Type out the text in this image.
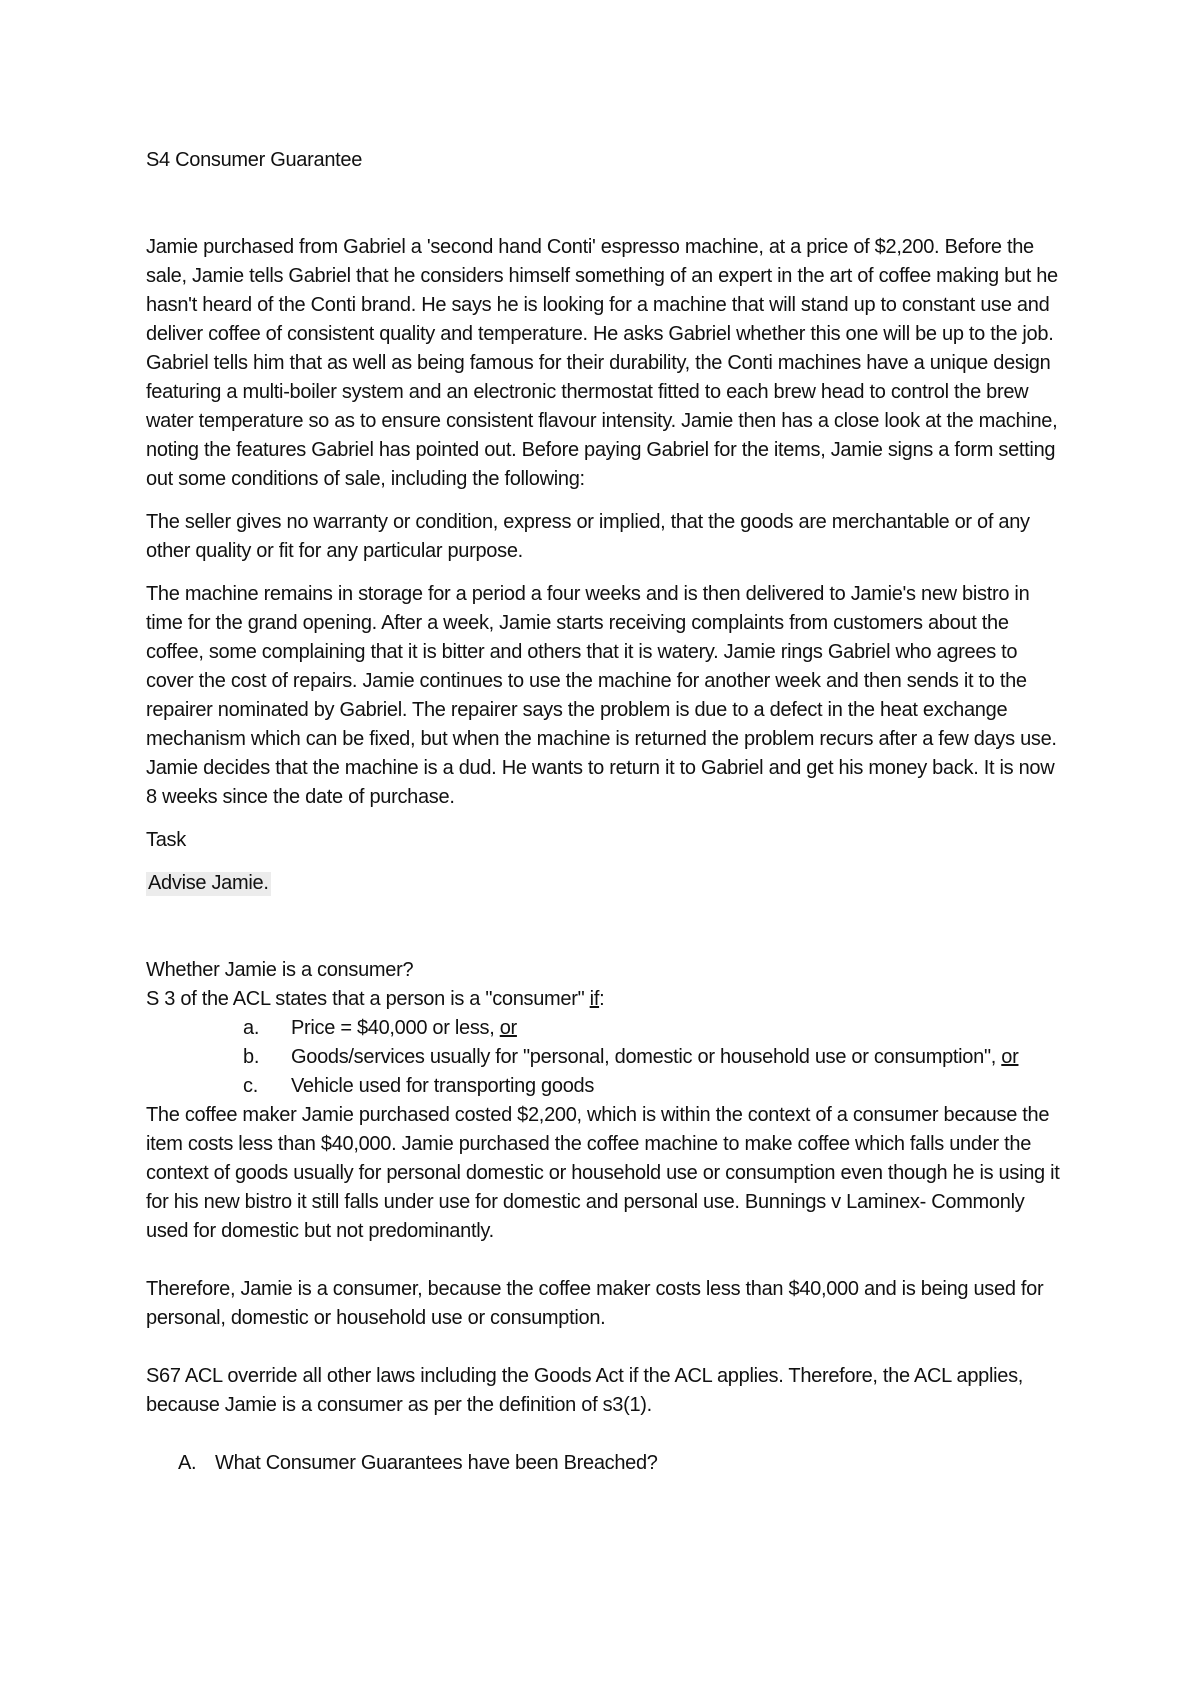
S4 Consumer Guarantee

Jamie purchased from Gabriel a 'second hand Conti' espresso machine, at a price of $2,200. Before the sale, Jamie tells Gabriel that he considers himself something of an expert in the art of coffee making but he hasn't heard of the Conti brand. He says he is looking for a machine that will stand up to constant use and deliver coffee of consistent quality and temperature. He asks Gabriel whether this one will be up to the job. Gabriel tells him that as well as being famous for their durability, the Conti machines have a unique design featuring a multi-boiler system and an electronic thermostat fitted to each brew head to control the brew water temperature so as to ensure consistent flavour intensity. Jamie then has a close look at the machine, noting the features Gabriel has pointed out. Before paying Gabriel for the items, Jamie signs a form setting out some conditions of sale, including the following:

The seller gives no warranty or condition, express or implied, that the goods are merchantable or of any other quality or fit for any particular purpose.

The machine remains in storage for a period a four weeks and is then delivered to Jamie's new bistro in time for the grand opening. After a week, Jamie starts receiving complaints from customers about the coffee, some complaining that it is bitter and others that it is watery. Jamie rings Gabriel who agrees to cover the cost of repairs. Jamie continues to use the machine for another week and then sends it to the repairer nominated by Gabriel. The repairer says the problem is due to a defect in the heat exchange mechanism which can be fixed, but when the machine is returned the problem recurs after a few days use. Jamie decides that the machine is a dud. He wants to return it to Gabriel and get his money back. It is now 8 weeks since the date of purchase.

Task

Advise Jamie.

Whether Jamie is a consumer?

S 3 of the ACL states that a person is a "consumer" if:

a. Price = $40,000 or less, or
b. Goods/services usually for "personal, domestic or household use or consumption", or
c. Vehicle used for transporting goods

The coffee maker Jamie purchased costed $2,200, which is within the context of a consumer because the item costs less than $40,000. Jamie purchased the coffee machine to make coffee which falls under the context of goods usually for personal domestic or household use or consumption even though he is using it for his new bistro it still falls under use for domestic and personal use. Bunnings v Laminex- Commonly used for domestic but not predominantly.

Therefore, Jamie is a consumer, because the coffee maker costs less than $40,000 and is being used for personal, domestic or household use or consumption.

S67 ACL override all other laws including the Goods Act if the ACL applies. Therefore, the ACL applies, because Jamie is a consumer as per the definition of s3(1).

A. What Consumer Guarantees have been Breached?
